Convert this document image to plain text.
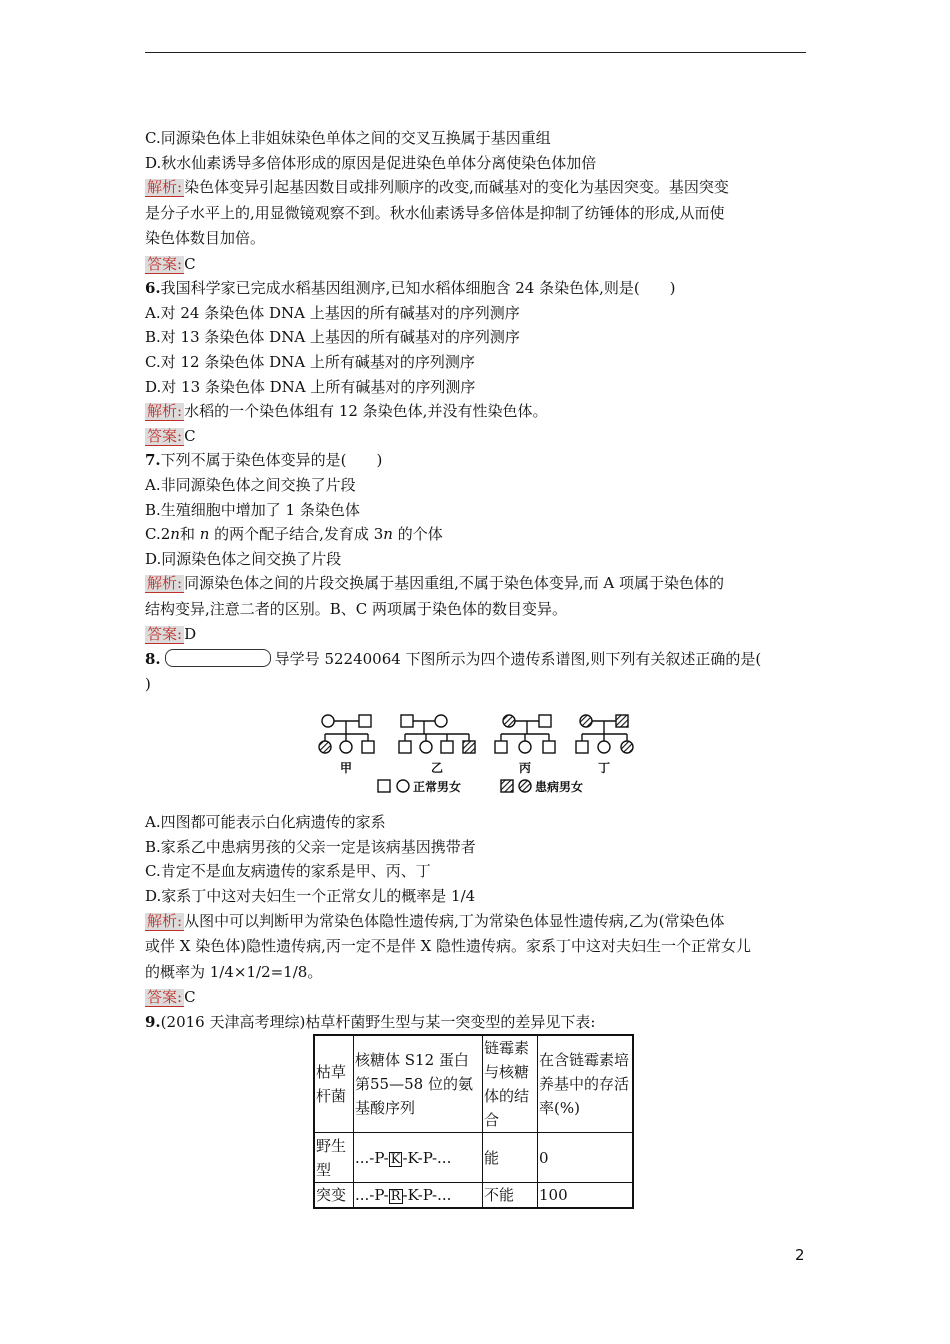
C.同源染色体上非姐妹染色单体之间的交叉互换属于基因重组
D.秋水仙素诱导多倍体形成的原因是促进染色单体分离使染色体加倍
解析: 染色体变异引起基因数目或排列顺序的改变,而碱基对的变化为基因突变。基因突变
是分子水平上的,用显微镜观察不到。秋水仙素诱导多倍体是抑制了纺锤体的形成,从而使
染色体数目加倍。
答案: C
6.我国科学家已完成水稻基因组测序,已知水稻体细胞含 24 条染色体,则是(　　)
A.对 24 条染色体 DNA 上基因的所有碱基对的序列测序
B.对 13 条染色体 DNA 上基因的所有碱基对的序列测序
C.对 12 条染色体 DNA 上所有碱基对的序列测序
D.对 13 条染色体 DNA 上所有碱基对的序列测序
解析: 水稻的一个染色体组有 12 条染色体,并没有性染色体。
答案: C
7.下列不属于染色体变异的是(　　)
A.非同源染色体之间交换了片段
B.生殖细胞中增加了 1 条染色体
C.2n和 n 的两个配子结合,发育成 3n 的个体
D.同源染色体之间交换了片段
解析: 同源染色体之间的片段交换属于基因重组,不属于染色体变异,而 A 项属于染色体的
结构变异,注意二者的区别。B、C 两项属于染色体的数目变异。
答案: D
8.	导学号 52240064 下图所示为四个遗传系谱图,则下列有关叙述正确的是(
)
甲	乙	丙	丁
正常男女	患病男女
A.四图都可能表示白化病遗传的家系
B.家系乙中患病男孩的父亲一定是该病基因携带者
C.肯定不是血友病遗传的家系是甲、丙、丁
D.家系丁中这对夫妇生一个正常女儿的概率是 1/4
解析: 从图中可以判断甲为常染色体隐性遗传病,丁为常染色体显性遗传病,乙为(常染色体
或伴 X 染色体)隐性遗传病,丙一定不是伴 X 隐性遗传病。家系丁中这对夫妇生一个正常女儿
的概率为 1/4×1/2=1/8。
答案: C
9.(2016 天津高考理综)枯草杆菌野生型与某一突变型的差异见下表:
枯草杆菌	核糖体 S12 蛋白第55—58 位的氨基酸序列	链霉素与核糖体的结合	在含链霉素培养基中的存活率(%)
野生型	...-P- K -K-P-...	能	0
突变	...-P- R -K-P-...	不能	100
2
